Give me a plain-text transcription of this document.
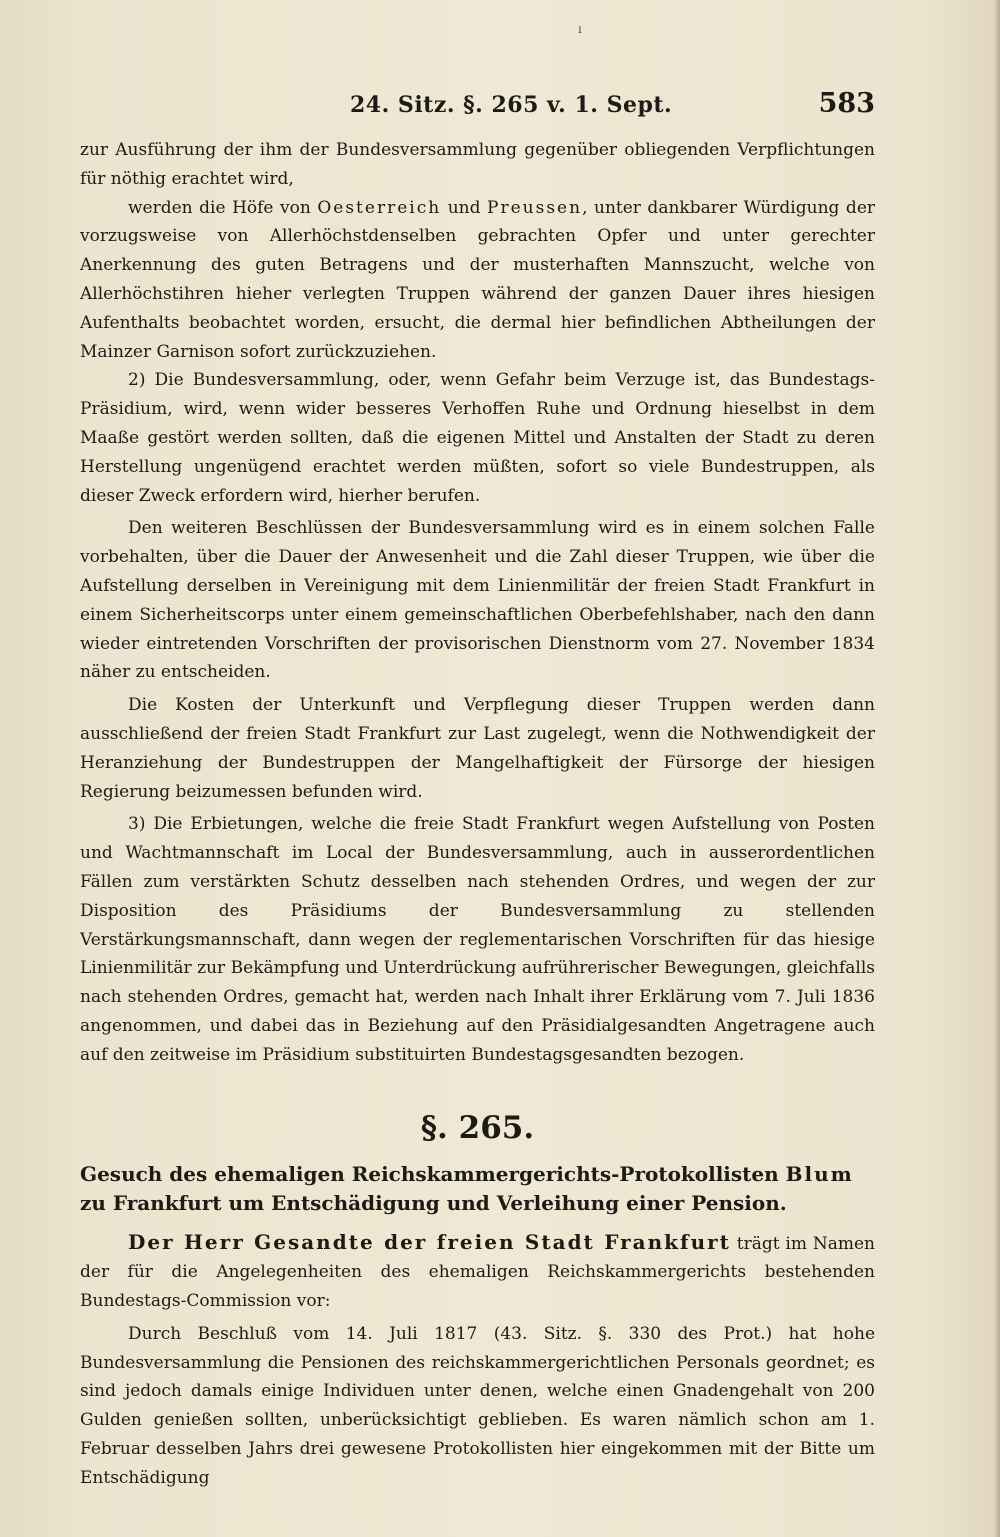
ı
24. Sitz. §. 265 v. 1. Sept.	583

zur Ausführung der ihm der Bundesversammlung gegenüber obliegenden Verpflichtungen für nöthig erachtet wird,

werden die Höfe von Oesterreich und Preussen, unter dankbarer Würdigung der vorzugsweise von Allerhöchstdenselben gebrachten Opfer und unter gerechter Anerkennung des guten Betragens und der musterhaften Mannszucht, welche von Allerhöchstihren hieher verlegten Truppen während der ganzen Dauer ihres hiesigen Aufenthalts beobachtet worden, ersucht, die dermal hier befindlichen Abtheilungen der Mainzer Garnison sofort zurückzuziehen.

2) Die Bundesversammlung, oder, wenn Gefahr beim Verzuge ist, das Bundestags-Präsidium, wird, wenn wider besseres Verhoffen Ruhe und Ordnung hieselbst in dem Maaße gestört werden sollten, daß die eigenen Mittel und Anstalten der Stadt zu deren Herstellung ungenügend erachtet werden müßten, sofort so viele Bundestruppen, als dieser Zweck erfordern wird, hierher berufen.

Den weiteren Beschlüssen der Bundesversammlung wird es in einem solchen Falle vorbehalten, über die Dauer der Anwesenheit und die Zahl dieser Truppen, wie über die Aufstellung derselben in Vereinigung mit dem Linienmilitär der freien Stadt Frankfurt in einem Sicherheitscorps unter einem gemeinschaftlichen Oberbefehlshaber, nach den dann wieder eintretenden Vorschriften der provisorischen Dienstnorm vom 27. November 1834 näher zu entscheiden.

Die Kosten der Unterkunft und Verpflegung dieser Truppen werden dann ausschließend der freien Stadt Frankfurt zur Last zugelegt, wenn die Nothwendigkeit der Heranziehung der Bundestruppen der Mangelhaftigkeit der Fürsorge der hiesigen Regierung beizumessen befunden wird.

3) Die Erbietungen, welche die freie Stadt Frankfurt wegen Aufstellung von Posten und Wachtmannschaft im Local der Bundesversammlung, auch in ausserordentlichen Fällen zum verstärkten Schutz desselben nach stehenden Ordres, und wegen der zur Disposition des Präsidiums der Bundesversammlung zu stellenden Verstärkungsmannschaft, dann wegen der reglementarischen Vorschriften für das hiesige Linienmilitär zur Bekämpfung und Unterdrückung aufrührerischer Bewegungen, gleichfalls nach stehenden Ordres, gemacht hat, werden nach Inhalt ihrer Erklärung vom 7. Juli 1836 angenommen, und dabei das in Beziehung auf den Präsidialgesandten Angetragene auch auf den zeitweise im Präsidium substituirten Bundestagsgesandten bezogen.

§. 265.

Gesuch des ehemaligen Reichskammergerichts-Protokollisten Blum zu Frankfurt um Entschädigung und Verleihung einer Pension.

Der Herr Gesandte der freien Stadt Frankfurt trägt im Namen der für die Angelegenheiten des ehemaligen Reichskammergerichts bestehenden Bundestags-Commission vor:

Durch Beschluß vom 14. Juli 1817 (43. Sitz. §. 330 des Prot.) hat hohe Bundesversammlung die Pensionen des reichskammergerichtlichen Personals geordnet; es sind jedoch damals einige Individuen unter denen, welche einen Gnadengehalt von 200 Gulden genießen sollten, unberücksichtigt geblieben. Es waren nämlich schon am 1. Februar desselben Jahrs drei gewesene Protokollisten hier eingekommen mit der Bitte um Entschädigung
